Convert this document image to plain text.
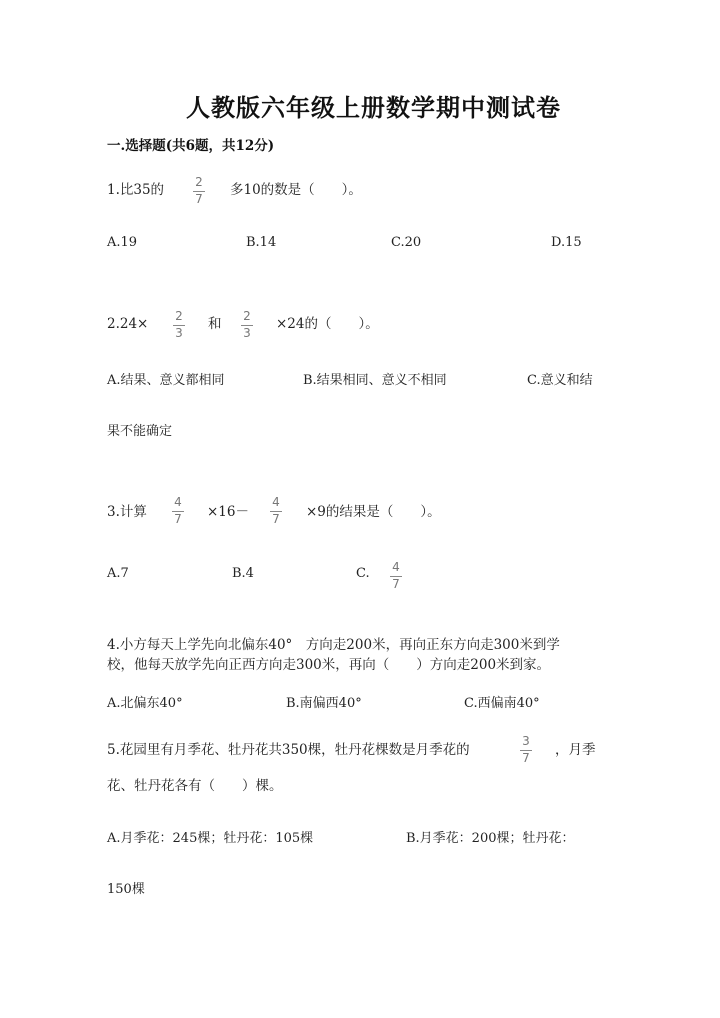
人教版六年级上册数学期中测试卷
一.选择题(共6题，共12分)
1.比35的	2
7
多10的数是（　　）。
A.19	B.14	C.20	D.15
2.24× 2
3
和 2
3
×24的（　　）。
A.结果、意义都相同	B.结果相同、意义不相同	C.意义和结
果不能确定
3.计算
4
7 ×16－
4
7 ×9的结果是（　　）。
A.7	B.4	C. 4
7
4.小方每天上学先向北偏东40°　方向走200米，再向正东方向走300米到学
校，他每天放学先向正西方向走300米，再向（　　）方向走200米到家。
A.北偏东40°	B.南偏西40°	C.西偏南40°
5.花园里有月季花、牡丹花共350棵，牡丹花棵数是月季花的
3
7 ，月季
花、牡丹花各有（　　）棵。
A.月季花：245棵；牡丹花：105棵	B.月季花：200棵；牡丹花：
150棵
